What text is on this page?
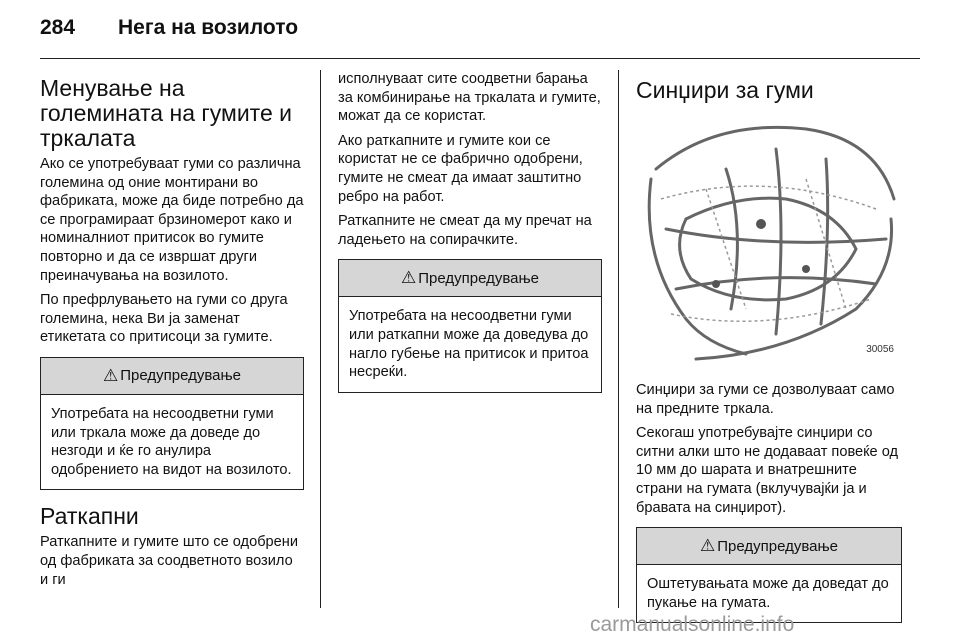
284 Нега на возилото
Менување на големината на гумите и тркалата

Ако се употребуваат гуми со различна големина од оние монтирани во фабриката, може да биде потребно да се програмираат брзиномерот како и номиналниот притисок во гумите повторно и да се извршат други преиначувања на возилото.

По префрлувањето на гуми со друга големина, нека Ви ја заменат етикетата со притисоци за гумите.

⚠ Предупредување
Употребата на несоодветни гуми или тркала може да доведе до незгоди и ќе го анулира одобрението на видот на возилото.
Раткапни

Раткапните и гумите што се одобрени од фабриката за соодветното возило и ги

исполнуваат сите соодветни барања за комбинирање на тркалата и гумите, можат да се користат.

Ако раткапните и гумите кои се користат не се фабрично одобрени, гумите не смеат да имаат заштитно ребро на работ.

Раткапните не смеат да му пречат на ладењето на сопирачките.

⚠ Предупредување
Употребата на несоодветни гуми или раткапни може да доведува до нагло губење на притисок и притоа несреќи.
Синџири за гуми
30056

Синџири за гуми се дозволуваат само на предните тркала.

Секогаш употребувајте синџири со ситни алки што не додаваат повеќе од 10 мм до шарата и внатрешните страни на гумата (вклучувајќи ја и бравата на синџирот).

⚠ Предупредување
Оштетувањата може да доведат до пукање на гумата.
carmanualsonline.info
